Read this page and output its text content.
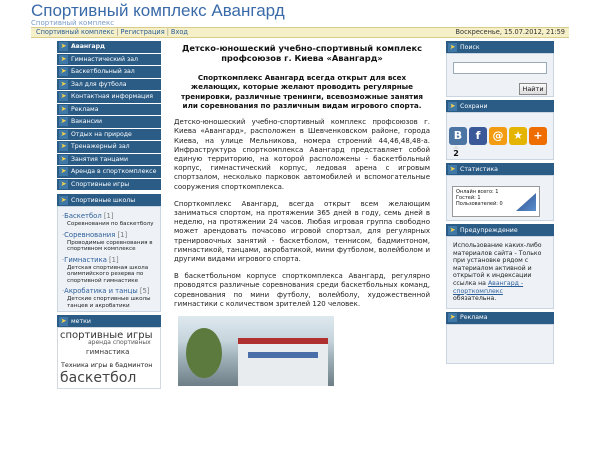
Спортивный комплекс Авангард
Спортивный комплекс
Спортивный комплекс | Регистрация | Вход	Воскресенье, 15.07.2012, 21:59
➤ Авангард
➤ Гимнастический зал
➤ Баскетбольный зал
➤ Зал для футбола
➤ Контактная информация
➤ Реклама
➤ Вакансии
➤ Отдых на природе
➤ Тренажерный зал
➤ Занятия танцами
➤ Аренда в спорткомплексе
➤ Спортивные игры
➤ Спортивные школы
·Баскетбол [1]
Соревнования по баскетболу
·Соревнования [1]
Проводимые соревнования в спортивном комплексе
·Гимнастика [1]
Детская спортивная школа олимпийского резерва по спортивной гимнастике
·Акробатика и танцы [5]
Детские спортивные школы танцев и акробатики
➤ метки
спортивные игры
аренда спортивных
гимнастика
Техника игры в бадминтон
баскетбол
Детско-юношеский учебно-спортивный комплекс профсоюзов г. Киева «Авангард»
Спорткомплекс Авангард всегда открыт для всех желающих, которые желают проводить регулярные тренировки, различные тренинги, всевозможные занятия или соревнования по различным видам игрового спорта.
Детско-юношеский учебно-спортивный комплекс профсоюзов г. Киева «Авангард», расположен в Шевченковском районе, города Киева, на улице Мельникова, номера строений 44,46,48,48-а. Инфраструктура спорткомплекса Авангард представляет собой единую территорию, на которой расположены - баскетбольный корпус, гимнастический корпус, ледовая арена с игровым спортзалом, несколько парковок автомобилей и вспомогательные сооружения спорткомплекса.
Спорткомплекс Авангард, всегда открыт всем желающим заниматься спортом, на протяжении 365 дней в году, семь дней в неделю, на протяжении 24 часов. Любая игровая группа свободно может арендовать почасово игровой спортзал, для регулярных тренировочных занятий - баскетболом, теннисом, бадминтоном, гимнастикой, танцами, акробатикой, мини футболом, волейболом и другими видами игрового спорта.
В баскетбольном корпусе спорткомплекса Авангард, регулярно проводятся различные соревнования среди баскетбольных команд, соревнования по мини футболу, волейболу, художественной гимнастики с количеством зрителей 120 человек.
➤ Поиск
Найти
➤ Сохрани
В	f	@ ★ +
2
➤ Статистика
Онлайн всего: 1
Гостей: 1
Пользователей: 0
➤ Предупреждение
Использование каких-либо материалов сайта - Только при установке рядом с материалом активной и открытой к индексации ссылка на Авангард - спорткомплекс обязательна.
➤ Реклама
